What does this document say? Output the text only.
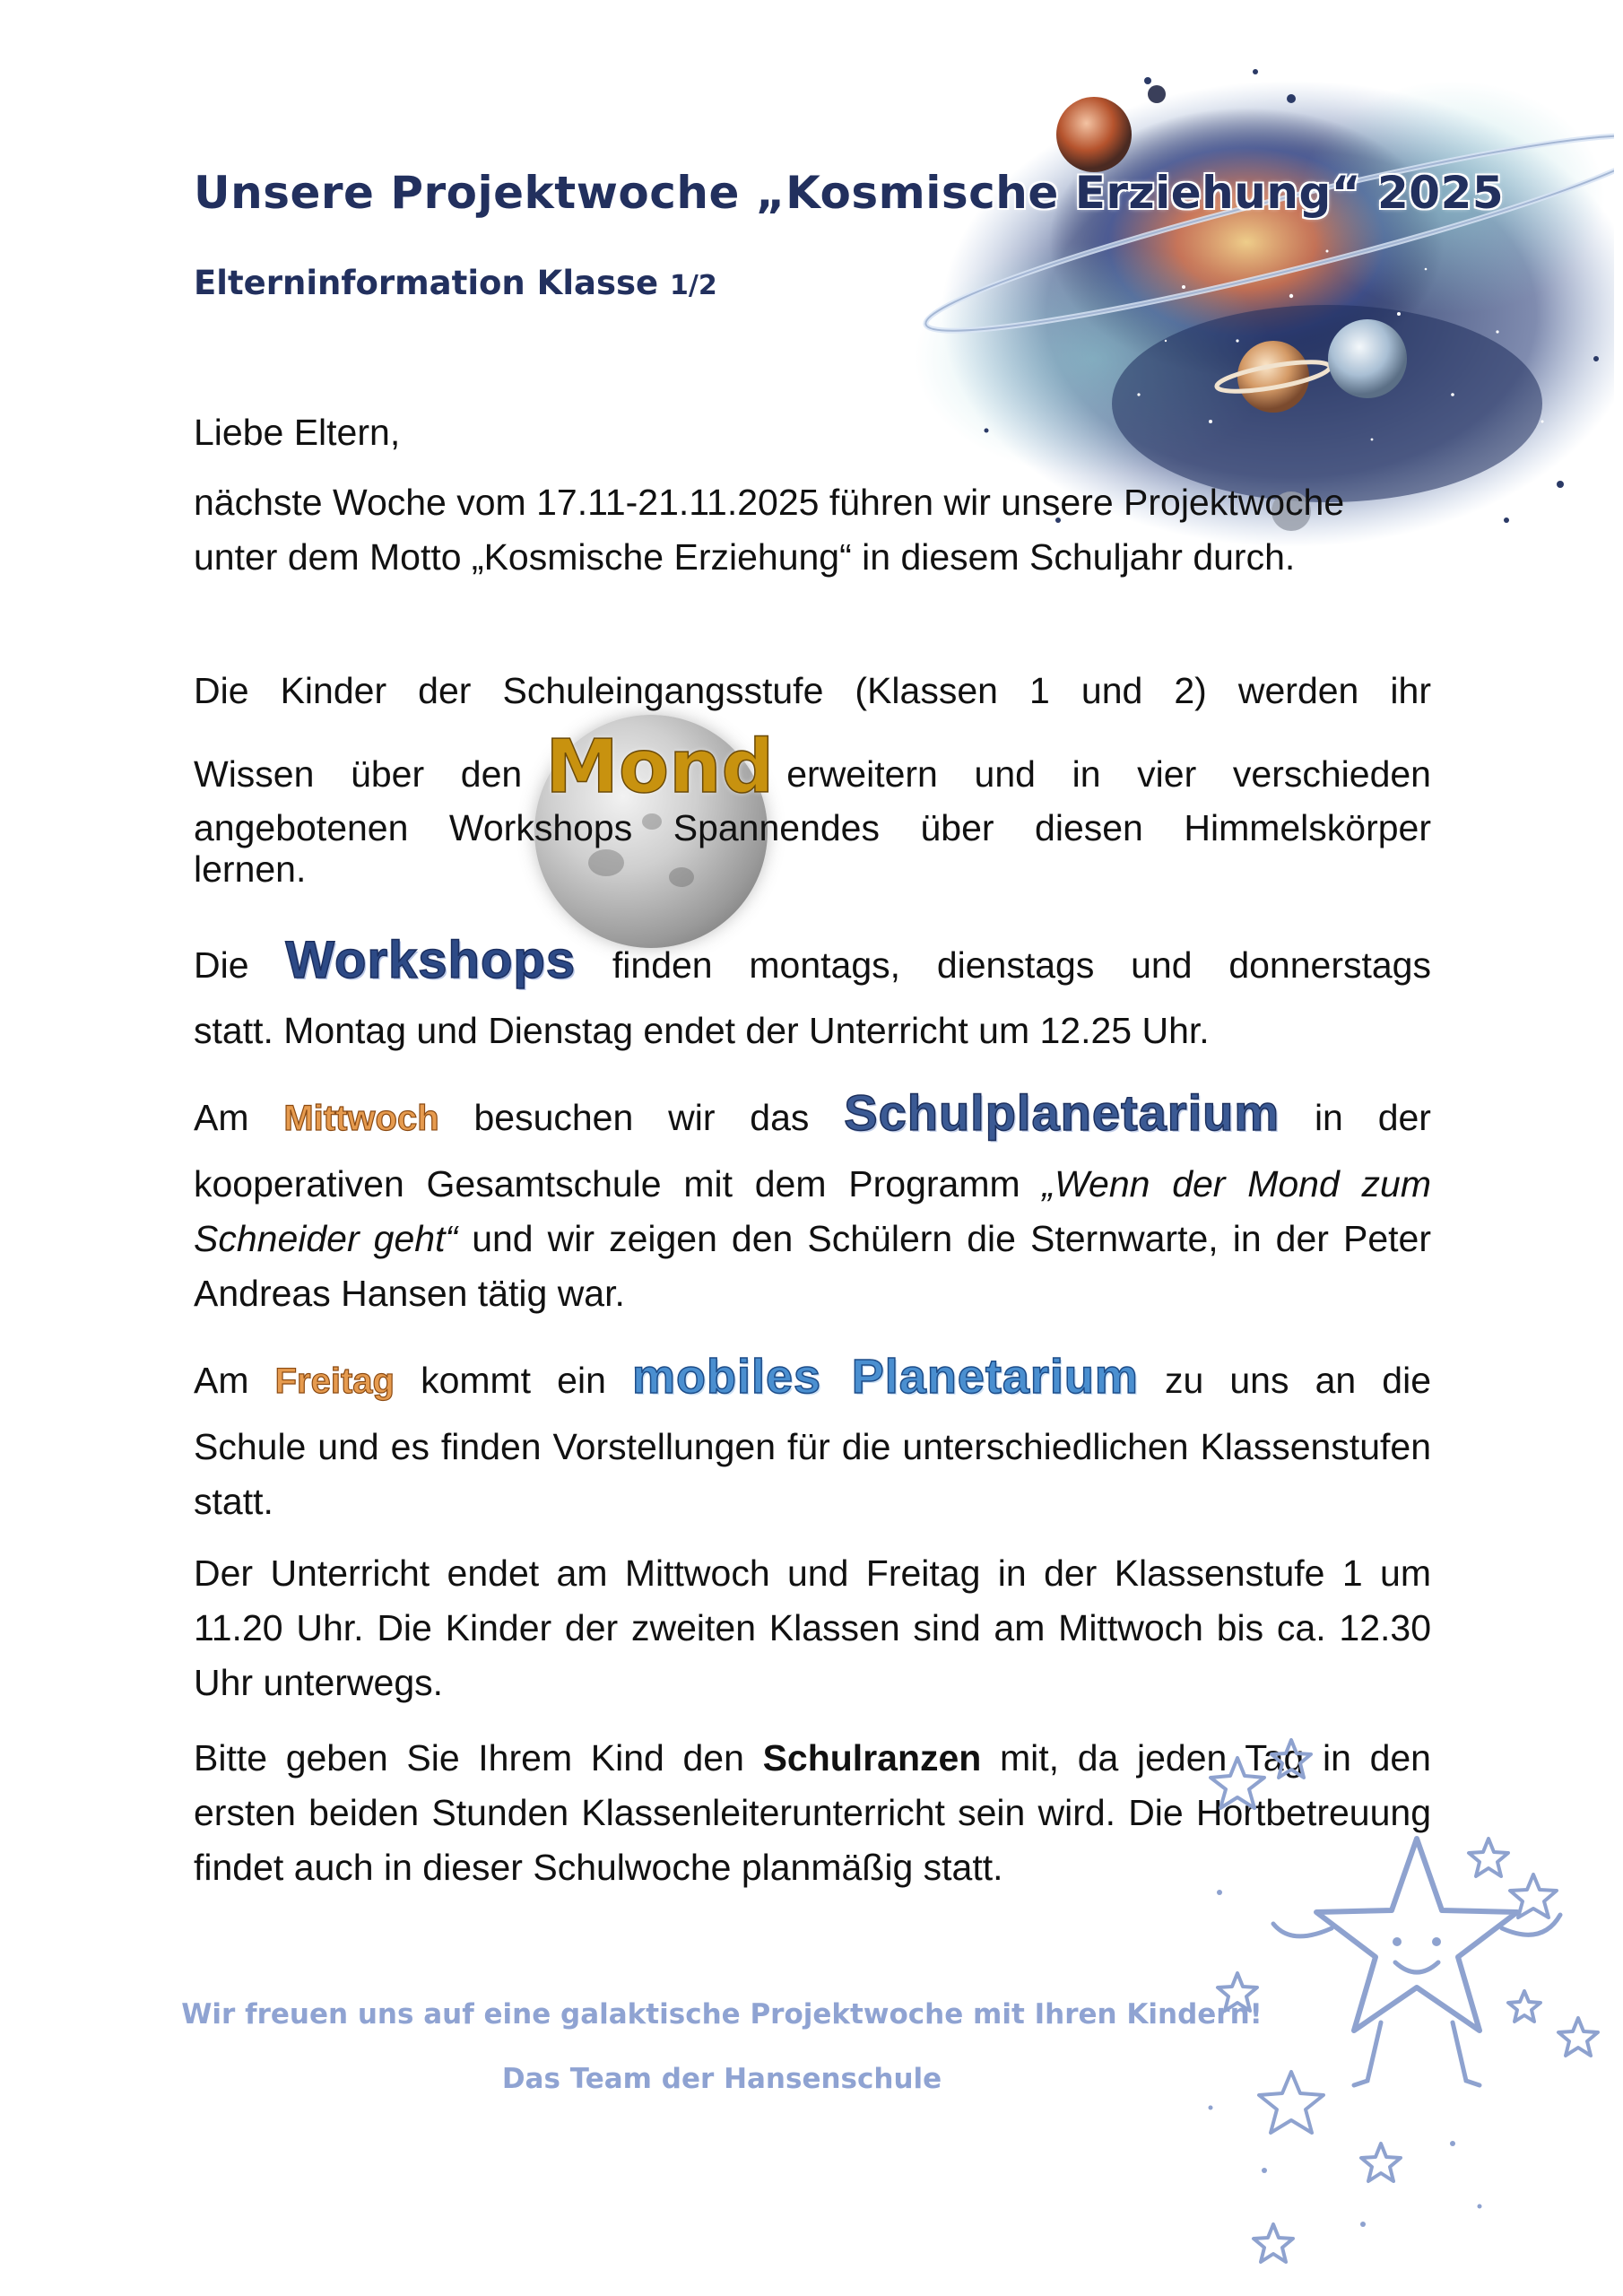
Unsere Projektwoche „Kosmische Erziehung“ 2025
Elterninformation Klasse 1/2

Liebe Eltern,

nächste Woche vom 17.11-21.11.2025 führen wir unsere Projektwoche unter dem Motto „Kosmische Erziehung“ in diesem Schuljahr durch.

Die Kinder der Schuleingangsstufe (Klassen 1 und 2) werden ihr

Wissen über den Mond erweitern und in vier verschieden

angebotenen Workshops Spannendes über diesen Himmelskörper

lernen.

Die Workshops finden montags, dienstags und donnerstags

statt. Montag und Dienstag endet der Unterricht um 12.25 Uhr.

Am Mittwoch besuchen wir das Schulplanetarium in der

kooperativen Gesamtschule mit dem Programm „Wenn der Mond zum Schneider geht“ und wir zeigen den Schülern die Sternwarte, in der Peter Andreas Hansen tätig war.

Am Freitag kommt ein mobiles Planetarium zu uns an die

Schule und es finden Vorstellungen für die unterschiedlichen Klassenstufen statt.

Der Unterricht endet am Mittwoch und Freitag in der Klassenstufe 1 um 11.20 Uhr. Die Kinder der zweiten Klassen sind am Mittwoch bis ca. 12.30 Uhr unterwegs.

Bitte geben Sie Ihrem Kind den Schulranzen mit, da jeden Tag in den ersten beiden Stunden Klassenleiterunterricht sein wird. Die Hortbetreuung findet auch in dieser Schulwoche planmäßig statt.

Wir freuen uns auf eine galaktische Projektwoche mit Ihren Kindern!
Das Team der Hansenschule
